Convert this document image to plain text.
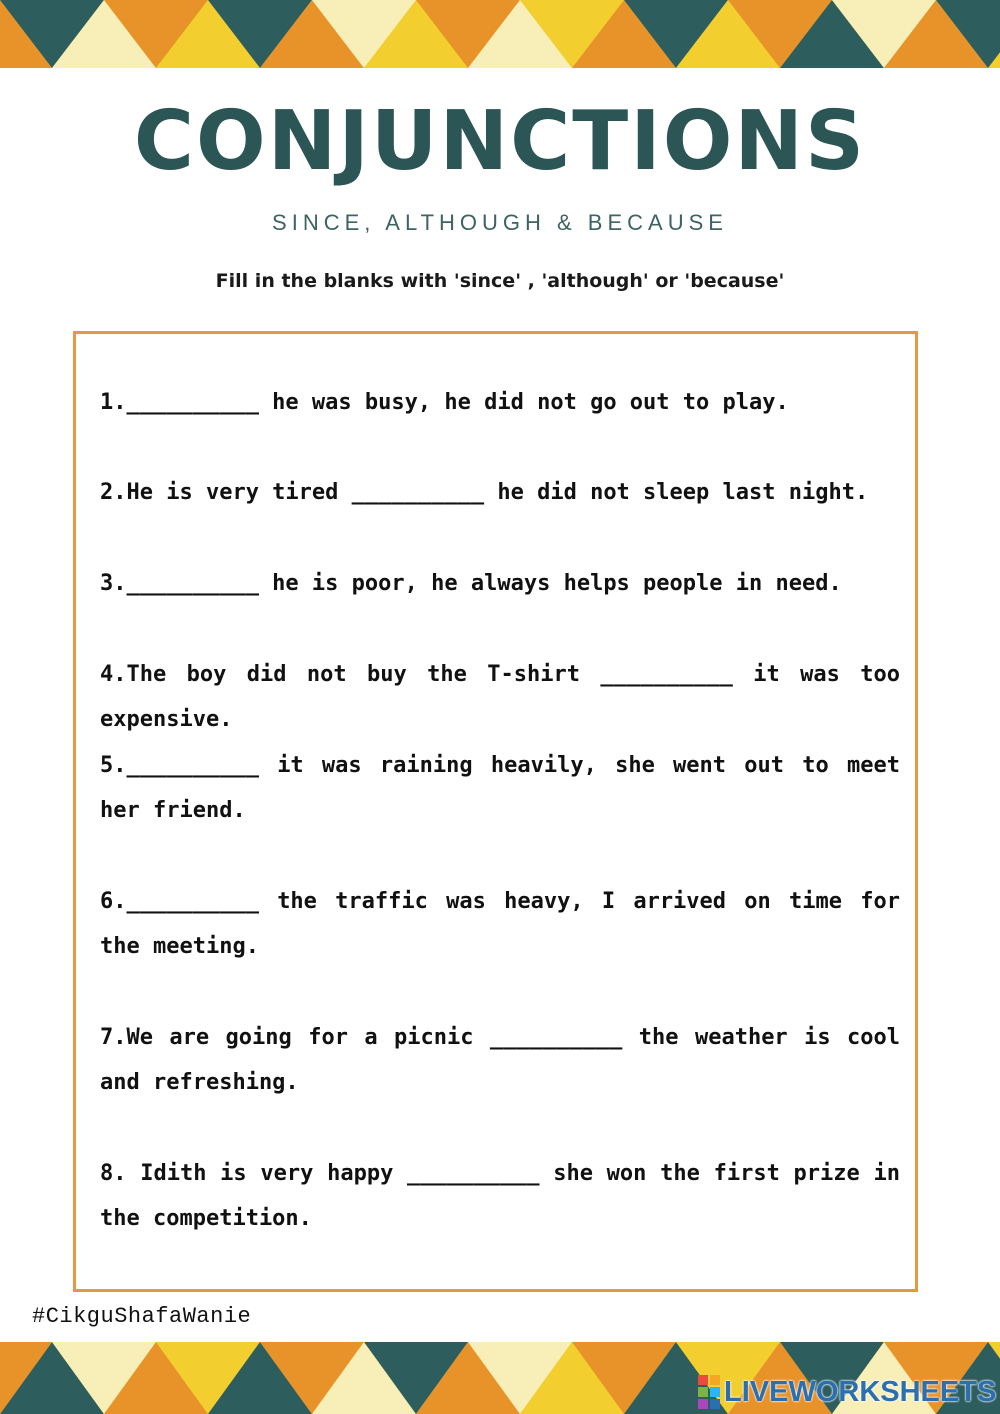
CONJUNCTIONS
SINCE, ALTHOUGH & BECAUSE
Fill in the blanks with 'since' , 'although' or 'because'
1.__________ he was busy, he did not go out to play.
2.He is very tired __________ he did not sleep last night.
3.__________ he is poor, he always helps people in need.
4.The boy did not buy the T-shirt __________ it was too expensive.
5.__________ it was raining heavily, she went out to meet her friend.
6.__________ the traffic was heavy, I arrived on time for the meeting.
7.We are going for a picnic __________ the weather is cool and refreshing.
8. Idith is very happy __________ she won the first prize in the competition.
#CikguShafaWanie
LIVEWORKSHEETS
